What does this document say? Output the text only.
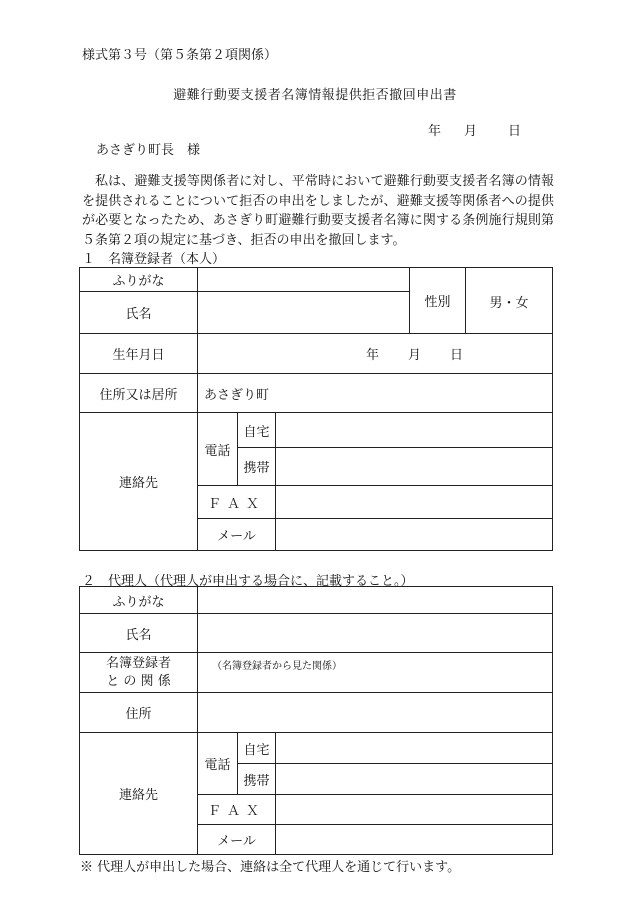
様式第３号（第５条第２項関係）
避難行動要支援者名簿情報提供拒否撤回申出書
年 月 日
あさぎり町長　様
私は、避難支援等関係者に対し、平常時において避難行動要支援者名簿の情報を提供されることについて拒否の申出をしましたが、避難支援等関係者への提供が必要となったため、あさぎり町避難行動要支援者名簿に関する条例施行規則第５条第２項の規定に基づき、拒否の申出を撤回します。
１　名簿登録者（本人）
ふりがな				性別	男・女
氏名					
生年月日	年 月 日				
住所又は居所	あさぎり町				
連絡先	電話	自宅			
		携帯			
	ＦＡＸ				
	メール				
２　代理人（代理人が申出する場合に、記載すること。）
ふりがな			
氏名			

名簿登録者
と の 関 係	（名簿登録者から見た関係）		
住所			
連絡先	電話	自宅	
		携帯	
	ＦＡＸ		
	メール		
※ 代理人が申出した場合、連絡は全て代理人を通じて行います。
